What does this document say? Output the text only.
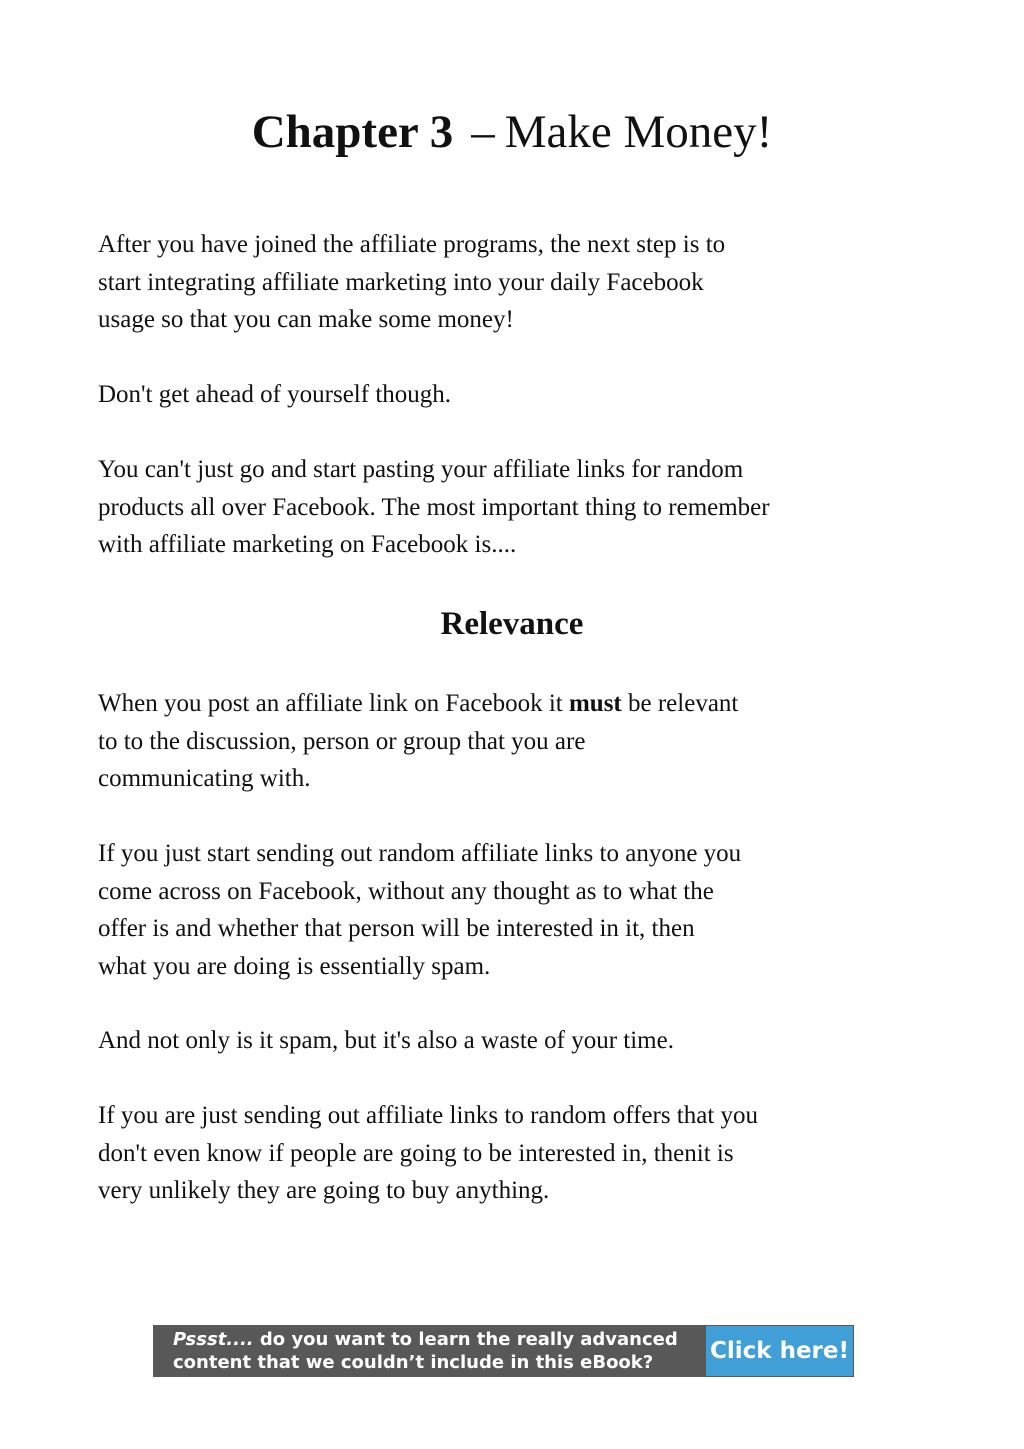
Chapter 3 – Make Money!

After you have joined the affiliate programs, the next step is to
start integrating affiliate marketing into your daily Facebook
usage so that you can make some money!

Don't get ahead of yourself though.

You can't just go and start pasting your affiliate links for random
products all over Facebook. The most important thing to remember
with affiliate marketing on Facebook is....

Relevance

When you post an affiliate link on Facebook it must be relevant
to to the discussion, person or group that you are
communicating with.

If you just start sending out random affiliate links to anyone you
come across on Facebook, without any thought as to what the
offer is and whether that person will be interested in it, then
what you are doing is essentially spam.

And not only is it spam, but it's also a waste of your time.

If you are just sending out affiliate links to random offers that you
don't even know if people are going to be interested in, thenit is
very unlikely they are going to buy anything.

Pssst.... do you want to learn the really advanced
content that we couldn’t include in this eBook?	Click here!
